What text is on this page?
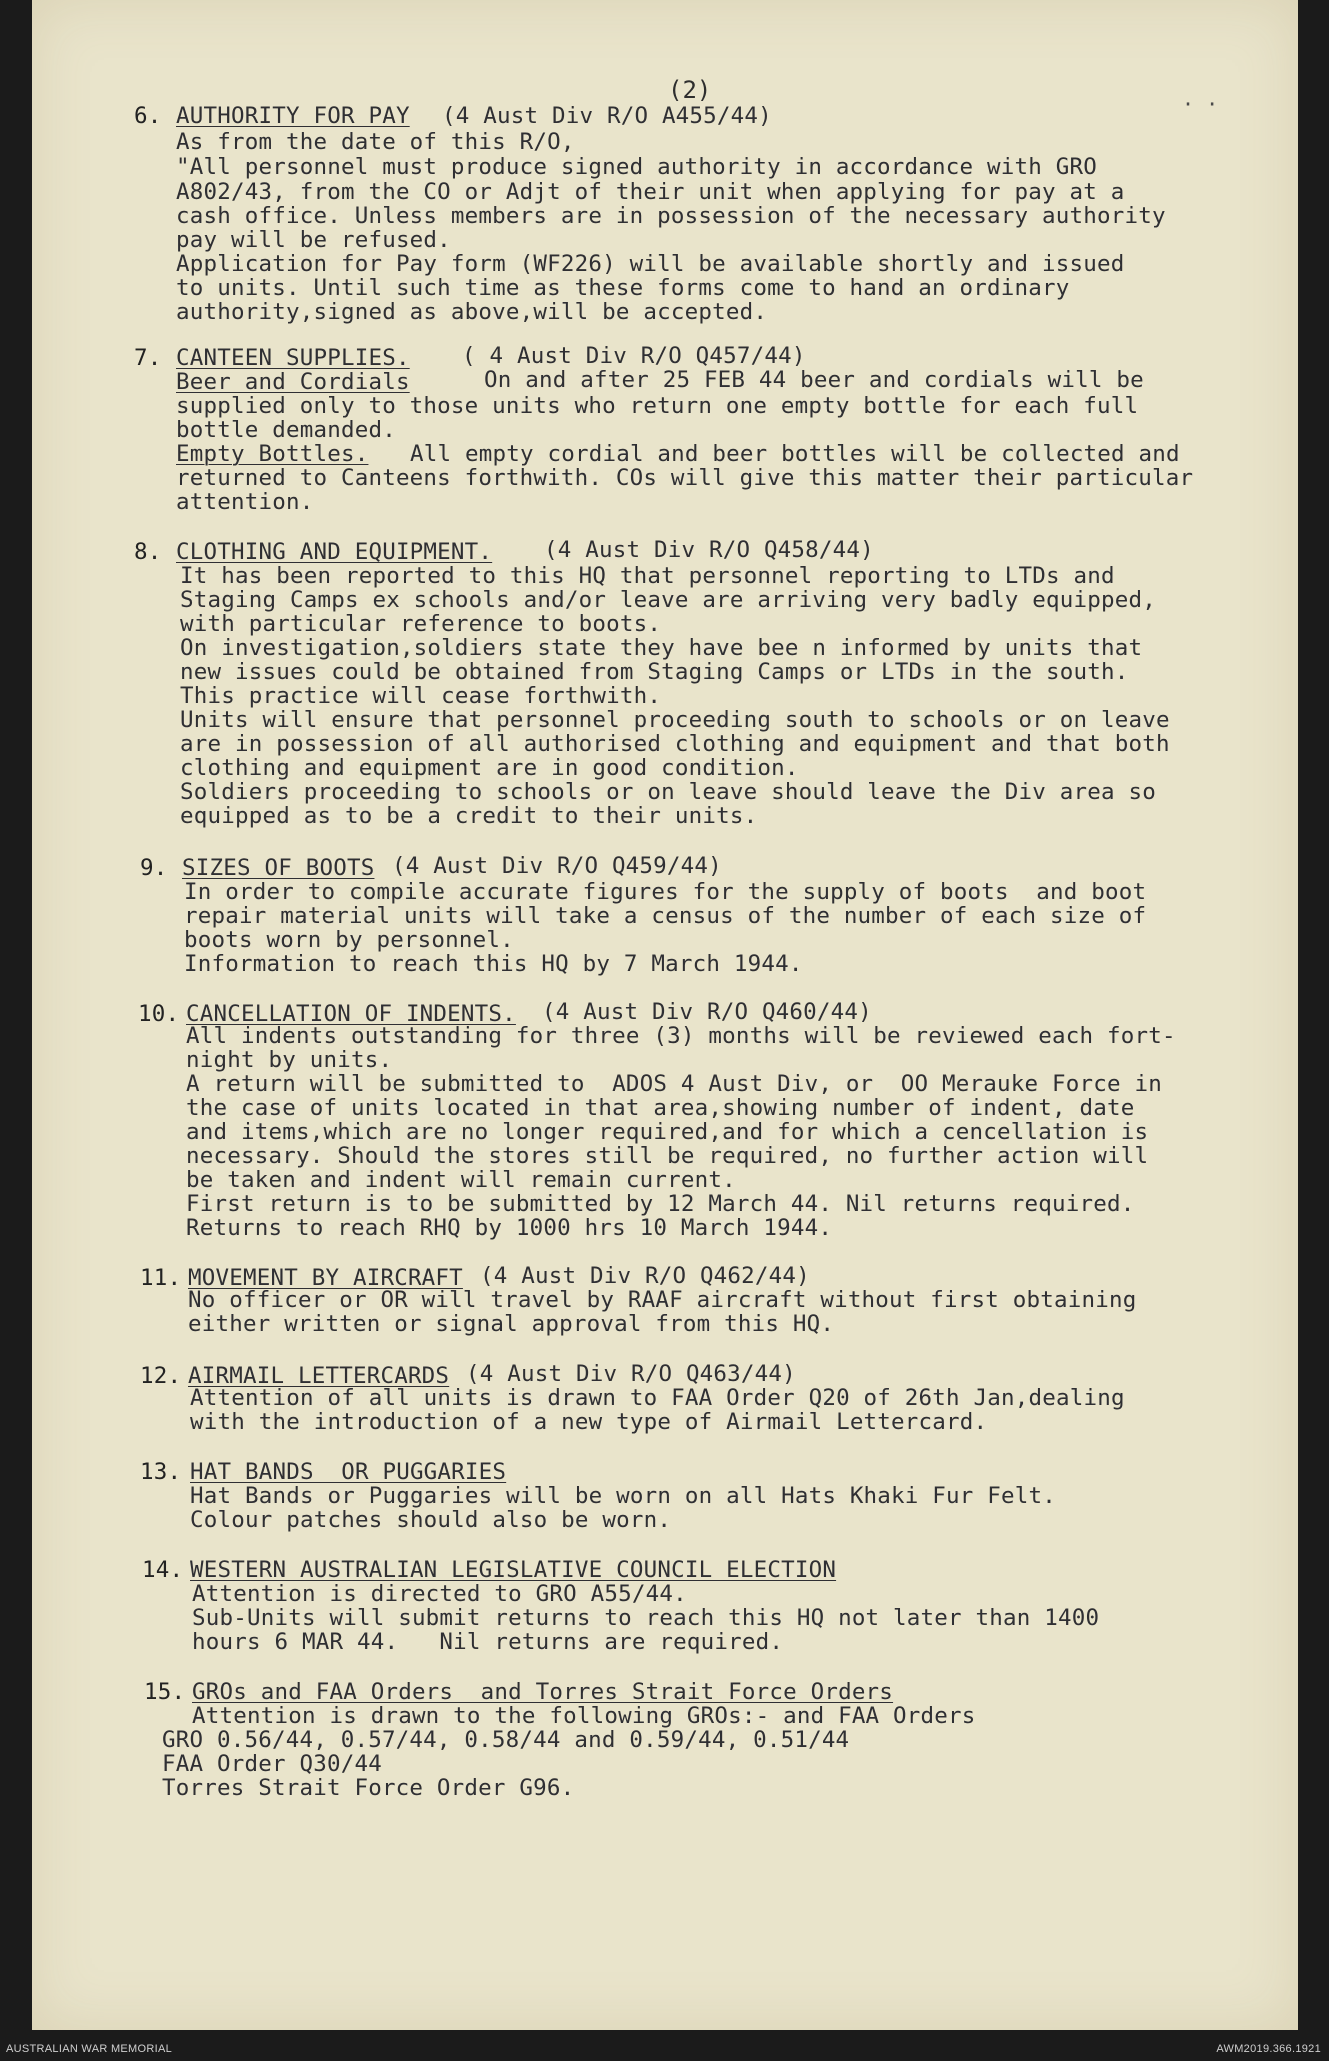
· ·
(2)
6. AUTHORITY FOR PAY (4 Aust Div R/O A455/44)
As from the date of this R/O,
"All personnel must produce signed authority in accordance with GRO
A802/43, from the CO or Adjt of their unit when applying for pay at a
cash office. Unless members are in possession of the necessary authority
pay will be refused.
Application for Pay form (WF226) will be available shortly and issued
to units. Until such time as these forms come to hand an ordinary
authority,signed as above,will be accepted.
7. CANTEEN SUPPLIES. ( 4 Aust Div R/O Q457/44)
Beer and Cordials	On and after 25 FEB 44 beer and cordials will be
supplied only to those units who return one empty bottle for each full
bottle demanded.
Empty Bottles. All empty cordial and beer bottles will be collected and
returned to Canteens forthwith. COs will give this matter their particular
attention.
8. CLOTHING AND EQUIPMENT. (4 Aust Div R/O Q458/44)
It has been reported to this HQ that personnel reporting to LTDs and
Staging Camps ex schools and/or leave are arriving very badly equipped,
with particular reference to boots.
On investigation,soldiers state they have bee n informed by units that
new issues could be obtained from Staging Camps or LTDs in the south.
This practice will cease forthwith.
Units will ensure that personnel proceeding south to schools or on leave
are in possession of all authorised clothing and equipment and that both
clothing and equipment are in good condition.
Soldiers proceeding to schools or on leave should leave the Div area so
equipped as to be a credit to their units.
9. SIZES OF BOOTS (4 Aust Div R/O Q459/44)
In order to compile accurate figures for the supply of boots  and boot
repair material units will take a census of the number of each size of
boots worn by personnel.
Information to reach this HQ by 7 March 1944.
10. CANCELLATION OF INDENTS. (4 Aust Div R/O Q460/44)
All indents outstanding for three (3) months will be reviewed each fort-
night by units.
A return will be submitted to  ADOS 4 Aust Div, or  OO Merauke Force in
the case of units located in that area,showing number of indent, date
and items,which are no longer required,and for which a cencellation is
necessary. Should the stores still be required, no further action will
be taken and indent will remain current.
First return is to be submitted by 12 March 44. Nil returns required.
Returns to reach RHQ by 1000 hrs 10 March 1944.
11. MOVEMENT BY AIRCRAFT (4 Aust Div R/O Q462/44)
No officer or OR will travel by RAAF aircraft without first obtaining
either written or signal approval from this HQ.
12. AIRMAIL LETTERCARDS (4 Aust Div R/O Q463/44)
Attention of all units is drawn to FAA Order Q20 of 26th Jan,dealing
with the introduction of a new type of Airmail Lettercard.
13. HAT BANDS  OR PUGGARIES
Hat Bands or Puggaries will be worn on all Hats Khaki Fur Felt.
Colour patches should also be worn.
14. WESTERN AUSTRALIAN LEGISLATIVE COUNCIL ELECTION
Attention is directed to GRO A55/44.
Sub-Units will submit returns to reach this HQ not later than 1400
hours 6 MAR 44.   Nil returns are required.
15. GROs and FAA Orders  and Torres Strait Force Orders
Attention is drawn to the following GROs:- and FAA Orders
GRO 0.56/44, 0.57/44, 0.58/44 and 0.59/44, 0.51/44
FAA Order Q30/44
Torres Strait Force Order G96.
AUSTRALIAN WAR MEMORIAL	AWM2019.366.1921
